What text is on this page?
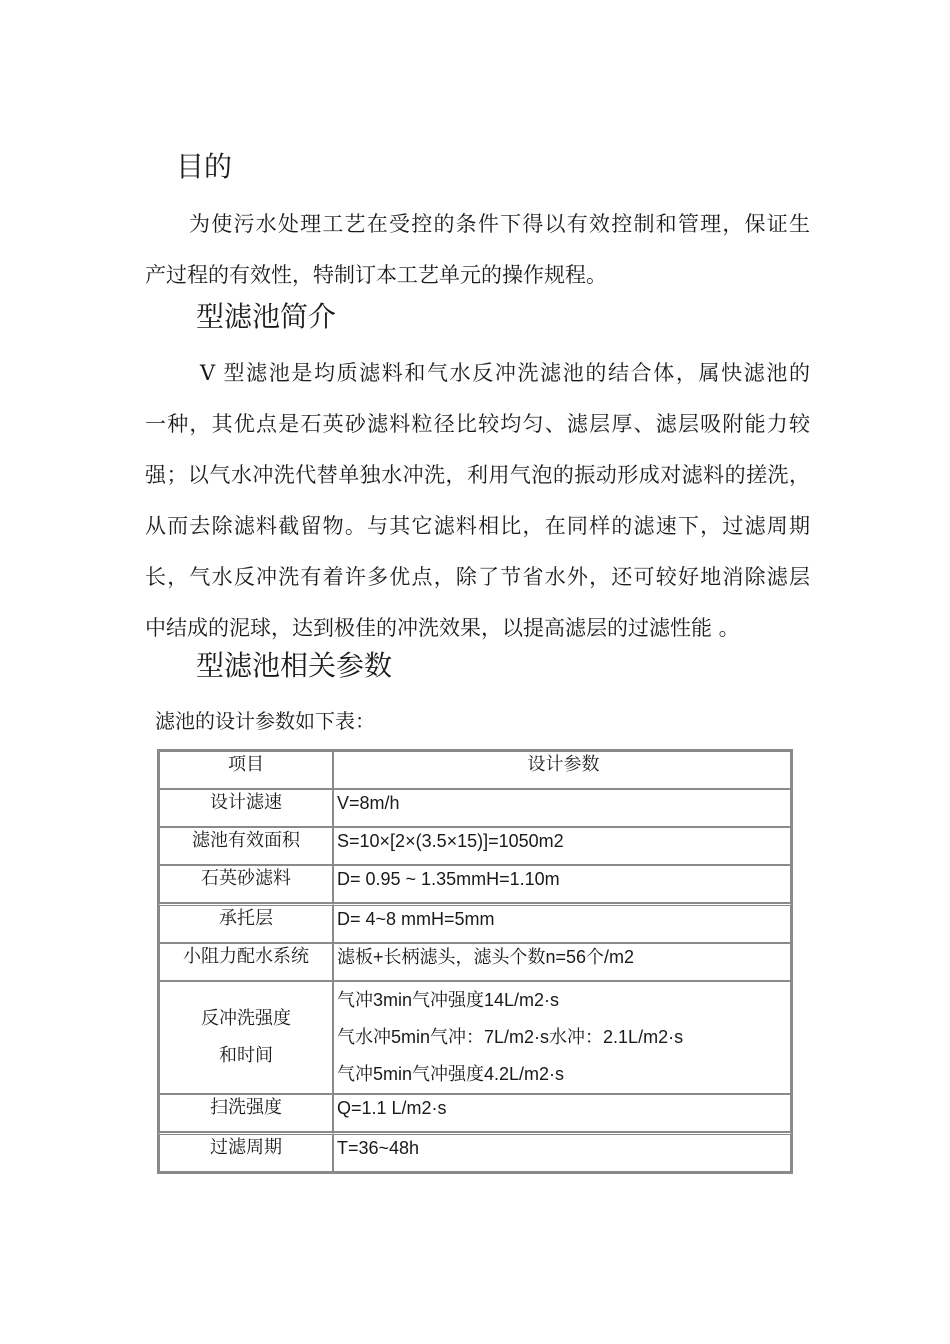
目的
为使污水处理工艺在受控的条件下得以有效控制和管理，保证生
产过程的有效性，特制订本工艺单元的操作规程。
型滤池简介
V 型滤池是均质滤料和气水反冲洗滤池的结合体，属快滤池的
一种，其优点是石英砂滤料粒径比较均匀、滤层厚、滤层吸附能力较
强；以气水冲洗代替单独水冲洗，利用气泡的振动形成对滤料的搓洗，
从而去除滤料截留物。与其它滤料相比，在同样的滤速下，过滤周期
长，气水反冲洗有着许多优点，除了节省水外，还可较好地消除滤层
中结成的泥球，达到极佳的冲洗效果，以提高滤层的过滤性能 。
型滤池相关参数
滤池的设计参数如下表：
项目	设计参数
设计滤速	V=8m/h
滤池有效面积	S=10×[2×(3.5×15)]=1050m2
石英砂滤料	D= 0.95 ~ 1.35mmH=1.10m
承托层	D= 4~8 mmH=5mm
小阻力配水系统	滤板+长柄滤头，滤头个数n=56个/m2

反冲洗强度
和时间	气冲3min气冲强度14L/m2·s
气水冲5min气冲：7L/m2·s水冲：2.1L/m2·s
气冲5min气冲强度4.2L/m2·s

扫洗强度	Q=1.1 L/m2·s
过滤周期	T=36~48h
